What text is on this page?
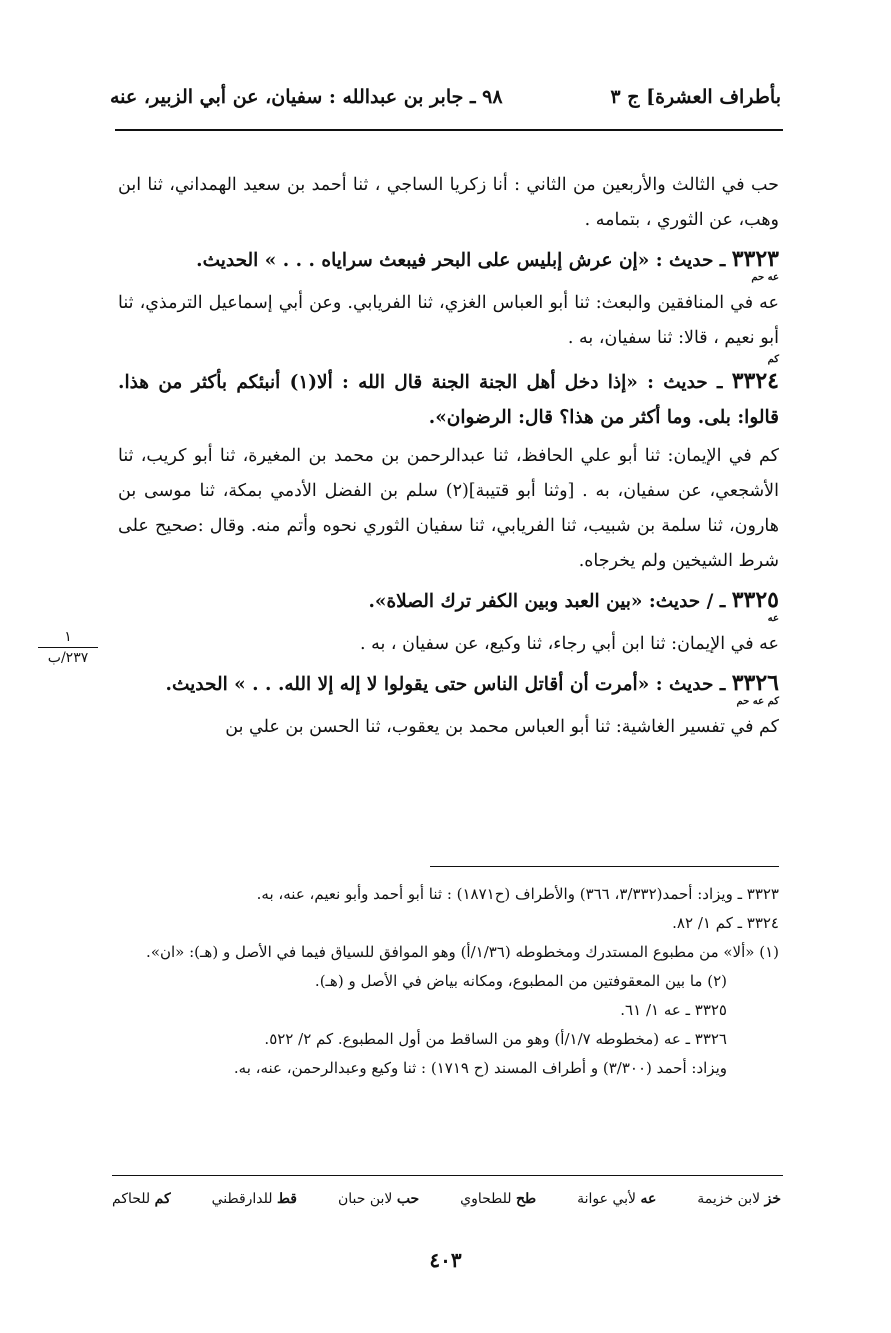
بأطراف العشرة] ج ٣
٩٨ ـ جابر بن عبدالله : سفيان، عن أبي الزبير، عنه

حب في الثالث والأربعين من الثاني : أنا زكريا الساجي ، ثنا أحمد بن سعيد الهمداني، ثنا ابن وهب، عن الثوري ، بتمامه .

٣٣٢٣ ـ حديث : «إن عرش إبليس على البحر فيبعث سراياه . . . » الحديث.
عه حم

عه في المنافقين والبعث: ثنا أبو العباس الغزي، ثنا الفريابي. وعن أبي إسماعيل الترمذي، ثنا أبو نعيم ، قالا: ثنا سفيان، به .

كم
٣٣٢٤ ـ حديث : «إذا دخل أهل الجنة الجنة قال الله : ألا(١) أنبئكم بأكثر من هذا. قالوا: بلى. وما أكثر من هذا؟ قال: الرضوان».

كم في الإيمان: ثنا أبو علي الحافظ، ثنا عبدالرحمن بن محمد بن المغيرة، ثنا أبو كريب، ثنا الأشجعي، عن سفيان، به . [وثنا أبو قتيبة](٢) سلم بن الفضل الأدمي بمكة، ثنا موسى بن هارون، ثنا سلمة بن شبيب، ثنا الفريابي، ثنا سفيان الثوري نحوه وأتم منه. وقال :صحيح على شرط الشيخين ولم يخرجاه.

٣٣٢٥ ـ / حديث: «بين العبد وبين الكفر ترك الصلاة».
عه

عه في الإيمان: ثنا ابن أبي رجاء، ثنا وكيع، عن سفيان ، به .

٣٣٢٦ ـ حديث : «أمرت أن أقاتل الناس حتى يقولوا لا إله إلا الله. . . » الحديث.
كم عه حم

كم في تفسير الغاشية: ثنا أبو العباس محمد بن يعقوب، ثنا الحسن بن علي بن

١
٢٣٧/ب

٣٣٢٣ ـ ويزاد: أحمد(٣/٣٣٢، ٣٦٦) والأطراف (ح١٨٧١) : ثنا أبو أحمد وأبو نعيم، عنه، به.

٣٣٢٤ ـ كم ١/ ٨٢.

(١) «ألا» من مطبوع المستدرك ومخطوطه (١/٣٦/أ) وهو الموافق للسياق فيما في الأصل و (هـ): «ان».

(٢) ما بين المعقوفتين من المطبوع، ومكانه بياض في الأصل و (هـ).

٣٣٢٥ ـ عه ١/ ٦١.

٣٣٢٦ ـ عه (مخطوطه ١/٧/أ) وهو من الساقط من أول المطبوع. كم ٢/ ٥٢٢.

ويزاد: أحمد (٣/٣٠٠) و أطراف المسند (ح ١٧١٩) : ثنا وكيع وعبدالرحمن، عنه، به.

خز لابن خزيمة
عه لأبي عوانة
طح للطحاوي
حب لابن حبان
قط للدارقطني
كم للحاكم
٤٠٣
